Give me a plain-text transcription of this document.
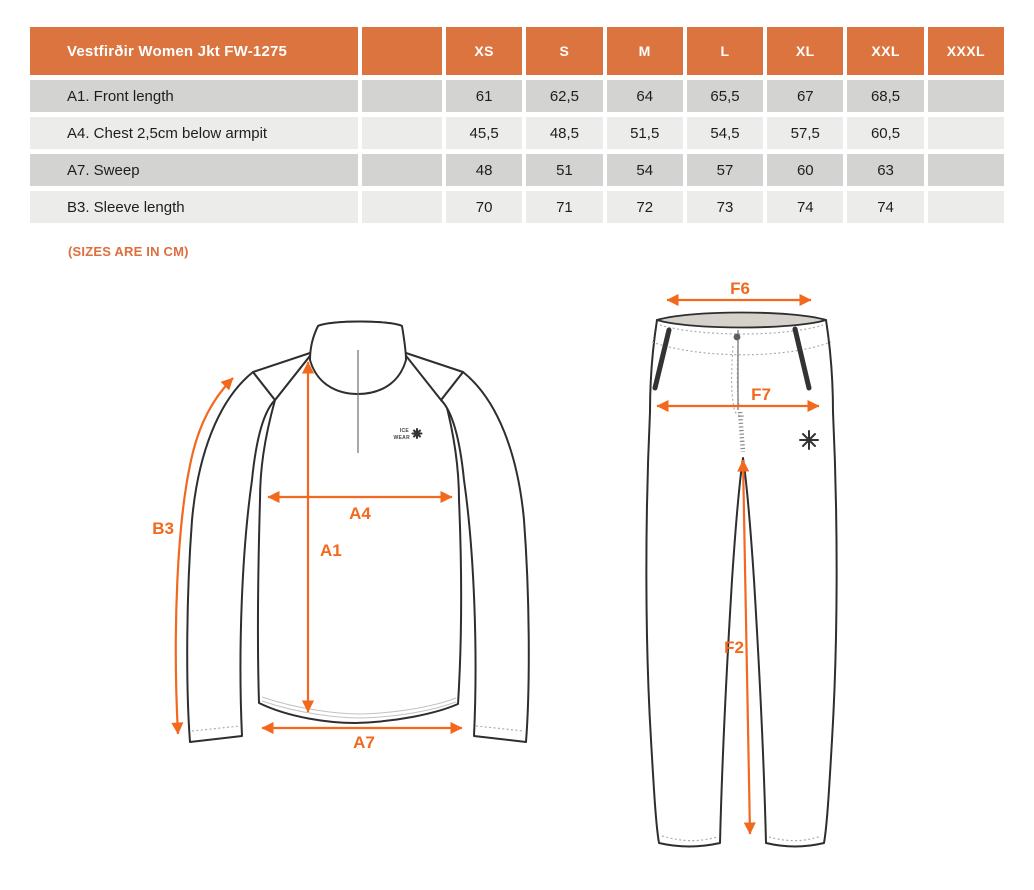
Vestfirðir Women Jkt FW-1275	XS	S	M	L	XL	XXL	XXXL
A1. Front length	61	62,5	64	65,5	67	68,5
A4. Chest 2,5cm below armpit	45,5	48,5	51,5	54,5	57,5	60,5
A7. Sweep	48	51	54	57	60	63
B3. Sleeve length	70	71	72	73	74	74
(SIZES ARE IN CM)
ICE
WEAR
B3
A4
A1
A7
F6
F7
F2
